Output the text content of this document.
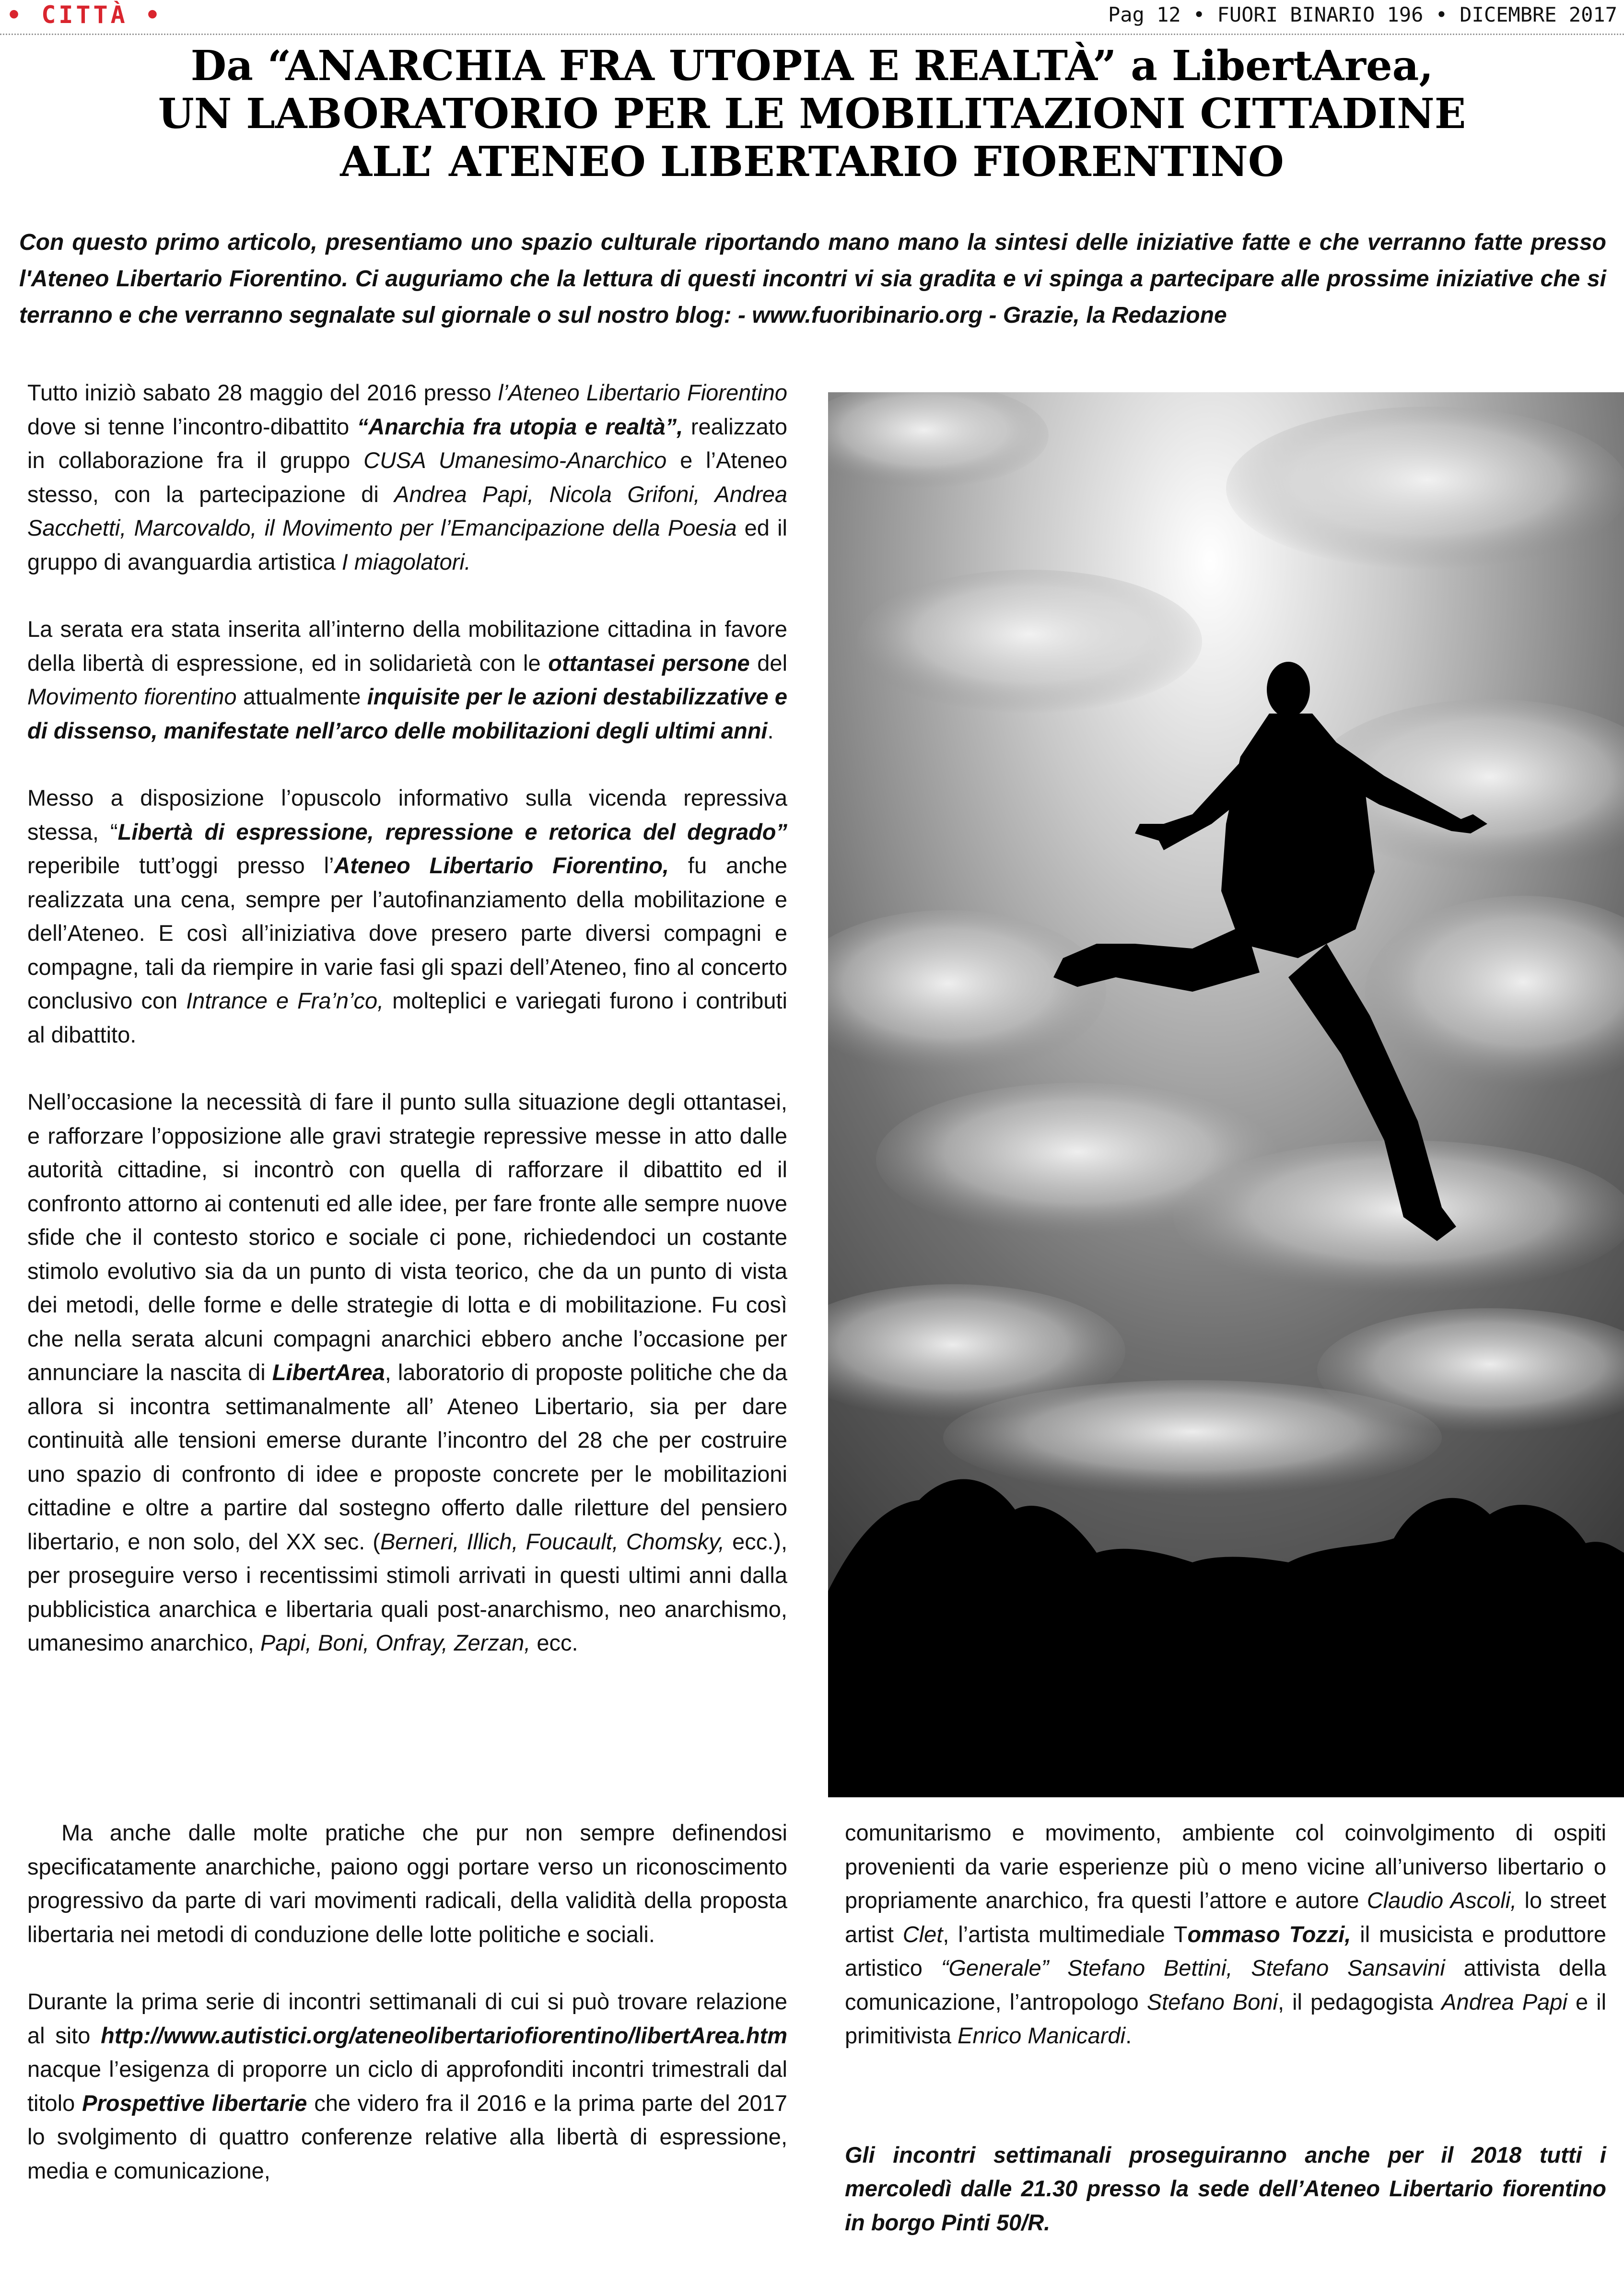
• CITTÀ •	Pag 12 • FUORI BINARIO 196 • DICEMBRE 2017
Da “ANARCHIA FRA UTOPIA E REALTÀ” a LibertArea,
UN LABORATORIO PER LE MOBILITAZIONI CITTADINE
ALL’ ATENEO LIBERTARIO FIORENTINO

Con questo primo articolo, presentiamo uno spazio culturale riportando mano mano la sintesi delle iniziative fatte e che verranno fatte presso l'Ateneo Libertario Fiorentino. Ci auguriamo che la lettura di questi incontri vi sia gradita e vi spinga a partecipare alle prossime iniziative che si terranno e che verranno segnalate sul giornale o sul nostro blog: - www.fuoribinario.org - Grazie, la Redazione

Tutto iniziò sabato 28 maggio del 2016 presso l’Ateneo Libertario Fiorentino dove si tenne l’incontro-dibattito “Anarchia fra utopia e realtà”, realizzato in collaborazione fra il gruppo CUSA Umanesimo-Anarchico e l’Ateneo stesso, con la partecipazione di Andrea Papi, Nicola Grifoni, Andrea Sacchetti, Marcovaldo, il Movimento per l’Emancipazione della Poesia ed il gruppo di avanguardia artistica I miagolatori.

La serata era stata inserita all’interno della mobilitazione cittadina in favore della libertà di espressione, ed in solidarietà con le ottantasei persone del Movimento fiorentino attualmente inquisite per le azioni destabilizzative e di dissenso, manifestate nell’arco delle mobilitazioni degli ultimi anni.

Messo a disposizione l’opuscolo informativo sulla vicenda repressiva stessa, “Libertà di espressione, repressione e retorica del degrado” reperibile tutt’oggi presso l’Ateneo Libertario Fiorentino, fu anche realizzata una cena, sempre per l’autofinanziamento della mobilitazione e dell’Ateneo. E così all’iniziativa dove presero parte diversi compagni e compagne, tali da riempire in varie fasi gli spazi dell’Ateneo, fino al concerto conclusivo con Intrance e Fra’n’co, molteplici e variegati furono i contributi al dibattito.

Nell’occasione la necessità di fare il punto sulla situazione degli ottantasei, e rafforzare l’opposizione alle gravi strategie repressive messe in atto dalle autorità cittadine, si incontrò con quella di rafforzare il dibattito ed il confronto attorno ai contenuti ed alle idee, per fare fronte alle sempre nuove sfide che il contesto storico e sociale ci pone, richiedendoci un costante stimolo evolutivo sia da un punto di vista teorico, che da un punto di vista dei metodi, delle forme e delle strategie di lotta e di mobilitazione. Fu così che nella serata alcuni compagni anarchici ebbero anche l’occasione per annunciare la nascita di LibertArea, laboratorio di proposte politiche che da allora si incontra settimanalmente all’ Ateneo Libertario, sia per dare continuità alle tensioni emerse durante l’incontro del 28 che per costruire uno spazio di confronto di idee e proposte concrete per le mobilitazioni cittadine e oltre a partire dal sostegno offerto dalle riletture del pensiero libertario, e non solo, del XX sec. (Berneri, Illich, Foucault, Chomsky, ecc.), per proseguire verso i recentissimi stimoli arrivati in questi ultimi anni dalla pubblicistica anarchica e libertaria quali post-anarchismo, neo anarchismo, umanesimo anarchico, Papi, Boni, Onfray, Zerzan, ecc.

Ma anche dalle molte pratiche che pur non sempre definendosi specificatamente anarchiche, paiono oggi portare verso un riconoscimento progressivo da parte di vari movimenti radicali, della validità della proposta libertaria nei metodi di conduzione delle lotte politiche e sociali.

Durante la prima serie di incontri settimanali di cui si può trovare relazione al sito http://www.autistici.org/ateneolibertariofiorentino/libertArea.htm nacque l’esigenza di proporre un ciclo di approfonditi incontri trimestrali dal titolo Prospettive libertarie che videro fra il 2016 e la prima parte del 2017 lo svolgimento di quattro conferenze relative alla libertà di espressione, media e comunicazione,

comunitarismo e movimento, ambiente col coinvolgimento di ospiti provenienti da varie esperienze più o meno vicine all’universo libertario o propriamente anarchico, fra questi l’attore e autore Claudio Ascoli, lo street artist Clet, l’artista multimediale Tommaso Tozzi, il musicista e produttore artistico “Generale” Stefano Bettini, Stefano Sansavini attivista della comunicazione, l’antropologo Stefano Boni, il pedagogista Andrea Papi e il primitivista Enrico Manicardi.

Gli incontri settimanali proseguiranno anche per il 2018 tutti i mercoledì dalle 21.30 presso la sede dell’Ateneo Libertario fiorentino in borgo Pinti 50/R.
